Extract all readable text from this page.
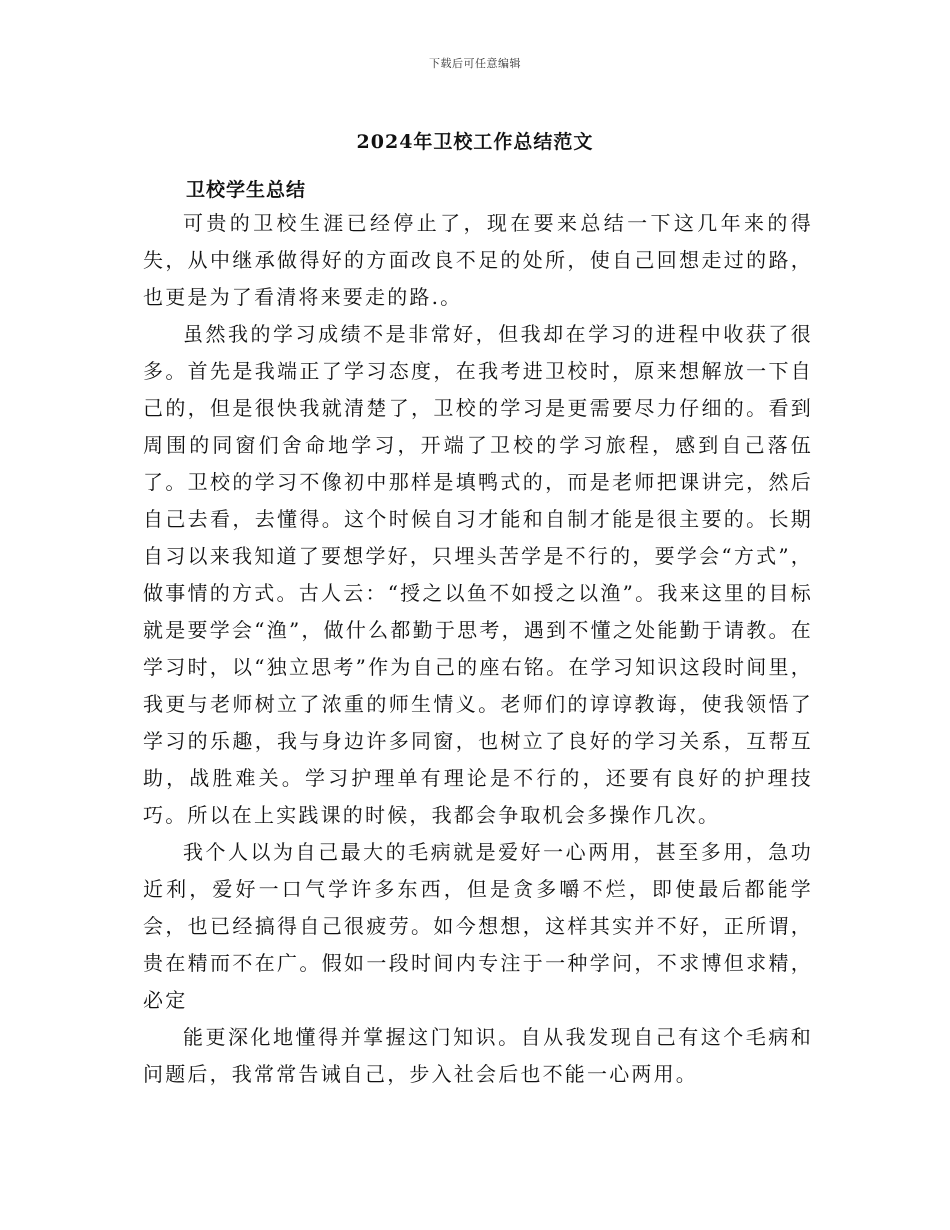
下载后可任意编辑
2024年卫校工作总结范文
卫校学生总结

可贵的卫校生涯已经停止了，现在要来总结一下这几年来的得失，从中继承做得好的方面改良不足的处所，使自己回想走过的路，也更是为了看清将来要走的路.。

虽然我的学习成绩不是非常好，但我却在学习的进程中收获了很多。首先是我端正了学习态度，在我考进卫校时，原来想解放一下自己的，但是很快我就清楚了，卫校的学习是更需要尽力仔细的。看到周围的同窗们舍命地学习，开端了卫校的学习旅程，感到自己落伍了。卫校的学习不像初中那样是填鸭式的，而是老师把课讲完，然后自己去看，去懂得。这个时候自习才能和自制才能是很主要的。长期自习以来我知道了要想学好，只埋头苦学是不行的，要学会“方式”，做事情的方式。古人云：“授之以鱼不如授之以渔”。我来这里的目标就是要学会“渔”，做什么都勤于思考，遇到不懂之处能勤于请教。在学习时，以“独立思考”作为自己的座右铭。在学习知识这段时间里，我更与老师树立了浓重的师生情义。老师们的谆谆教诲，使我领悟了学习的乐趣，我与身边许多同窗，也树立了良好的学习关系，互帮互助，战胜难关。学习护理单有理论是不行的，还要有良好的护理技巧。所以在上实践课的时候，我都会争取机会多操作几次。

我个人以为自己最大的毛病就是爱好一心两用，甚至多用，急功近利，爱好一口气学许多东西，但是贪多嚼不烂，即使最后都能学会，也已经搞得自己很疲劳。如今想想，这样其实并不好，正所谓，贵在精而不在广。假如一段时间内专注于一种学问，不求博但求精，必定

能更深化地懂得并掌握这门知识。自从我发现自己有这个毛病和问题后，我常常告诫自己，步入社会后也不能一心两用。
